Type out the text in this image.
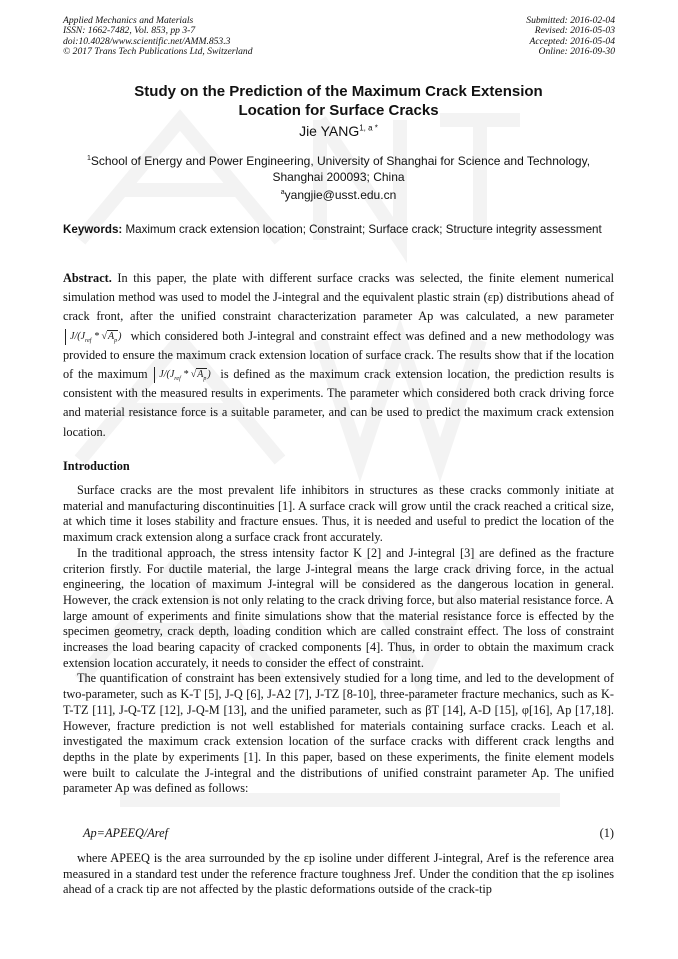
Applied Mechanics and Materials
ISSN: 1662-7482, Vol. 853, pp 3-7
doi:10.4028/www.scientific.net/AMM.853.3
© 2017 Trans Tech Publications Ltd, Switzerland
Submitted: 2016-02-04
Revised: 2016-05-03
Accepted: 2016-05-04
Online: 2016-09-30
Study on the Prediction of the Maximum Crack Extension
Location for Surface Cracks
Jie $YANG^{1, a *}$
$^1$School of Energy and Power Engineering, University of Shanghai for Science and Technology,
Shanghai 200093; China
$^a$yangjie@usst.edu.cn
Keywords: Maximum crack extension location; Constraint; Surface crack; Structure integrity assessment
Abstract. In this paper, the plate with different surface cracks was selected, the finite element numerical simulation method was used to model the J-integral and the equivalent plastic strain (εp) distributions ahead of crack front, after the unified constraint characterization parameter Ap was calculated, a new parameter $J/(J_{ref} * √A_p)$ which considered both J-integral and constraint effect was defined and a new methodology was provided to ensure the maximum crack extension location of surface crack. The results show that if the location of the maximum $J/(J_{ref} * √A_p)$ is defined as the maximum crack extension location, the prediction results is consistent with the measured results in experiments. The parameter which considered both crack driving force and material resistance force is a suitable parameter, and can be used to predict the maximum crack extension location.
Introduction

Surface cracks are the most prevalent life inhibitors in structures as these cracks commonly initiate at material and manufacturing discontinuities [1]. A surface crack will grow until the crack reached a critical size, at which time it loses stability and fracture ensues. Thus, it is needed and useful to predict the location of the maximum crack extension along a surface crack front accurately.

In the traditional approach, the stress intensity factor K [2] and J-integral [3] are defined as the fracture criterion firstly. For ductile material, the large J-integral means the large crack driving force, in the actual engineering, the location of maximum J-integral will be considered as the dangerous location in general. However, the crack extension is not only relating to the crack driving force, but also material resistance force. A large amount of experiments and finite simulations show that the material resistance force is effected by the specimen geometry, crack depth, loading condition which are called constraint effect. The loss of constraint increases the load bearing capacity of cracked components [4]. Thus, in order to obtain the maximum crack extension location accurately, it needs to consider the effect of constraint.

The quantification of constraint has been extensively studied for a long time, and led to the development of two-parameter, such as K-T [5], J-Q [6], J-A2 [7], J-TZ [8-10], three-parameter fracture mechanics, such as K-T-TZ [11], J-Q-TZ [12], J-Q-M [13], and the unified parameter, such as βT [14], A-D [15], φ[16], Ap [17,18]. However, fracture prediction is not well established for materials containing surface cracks. Leach et al. investigated the maximum crack extension location of the surface cracks with different crack lengths and depths in the plate by experiments [1]. In this paper, based on these experiments, the finite element models were built to calculate the J-integral and the distributions of unified constraint parameter Ap. The unified parameter Ap was defined as follows:

Ap=APEEQ/Aref	(1)

where APEEQ is the area surrounded by the εp isoline under different J-integral, Aref is the reference area measured in a standard test under the reference fracture toughness Jref. Under the condition that the εp isolines ahead of a crack tip are not affected by the plastic deformations outside of the crack-tip
